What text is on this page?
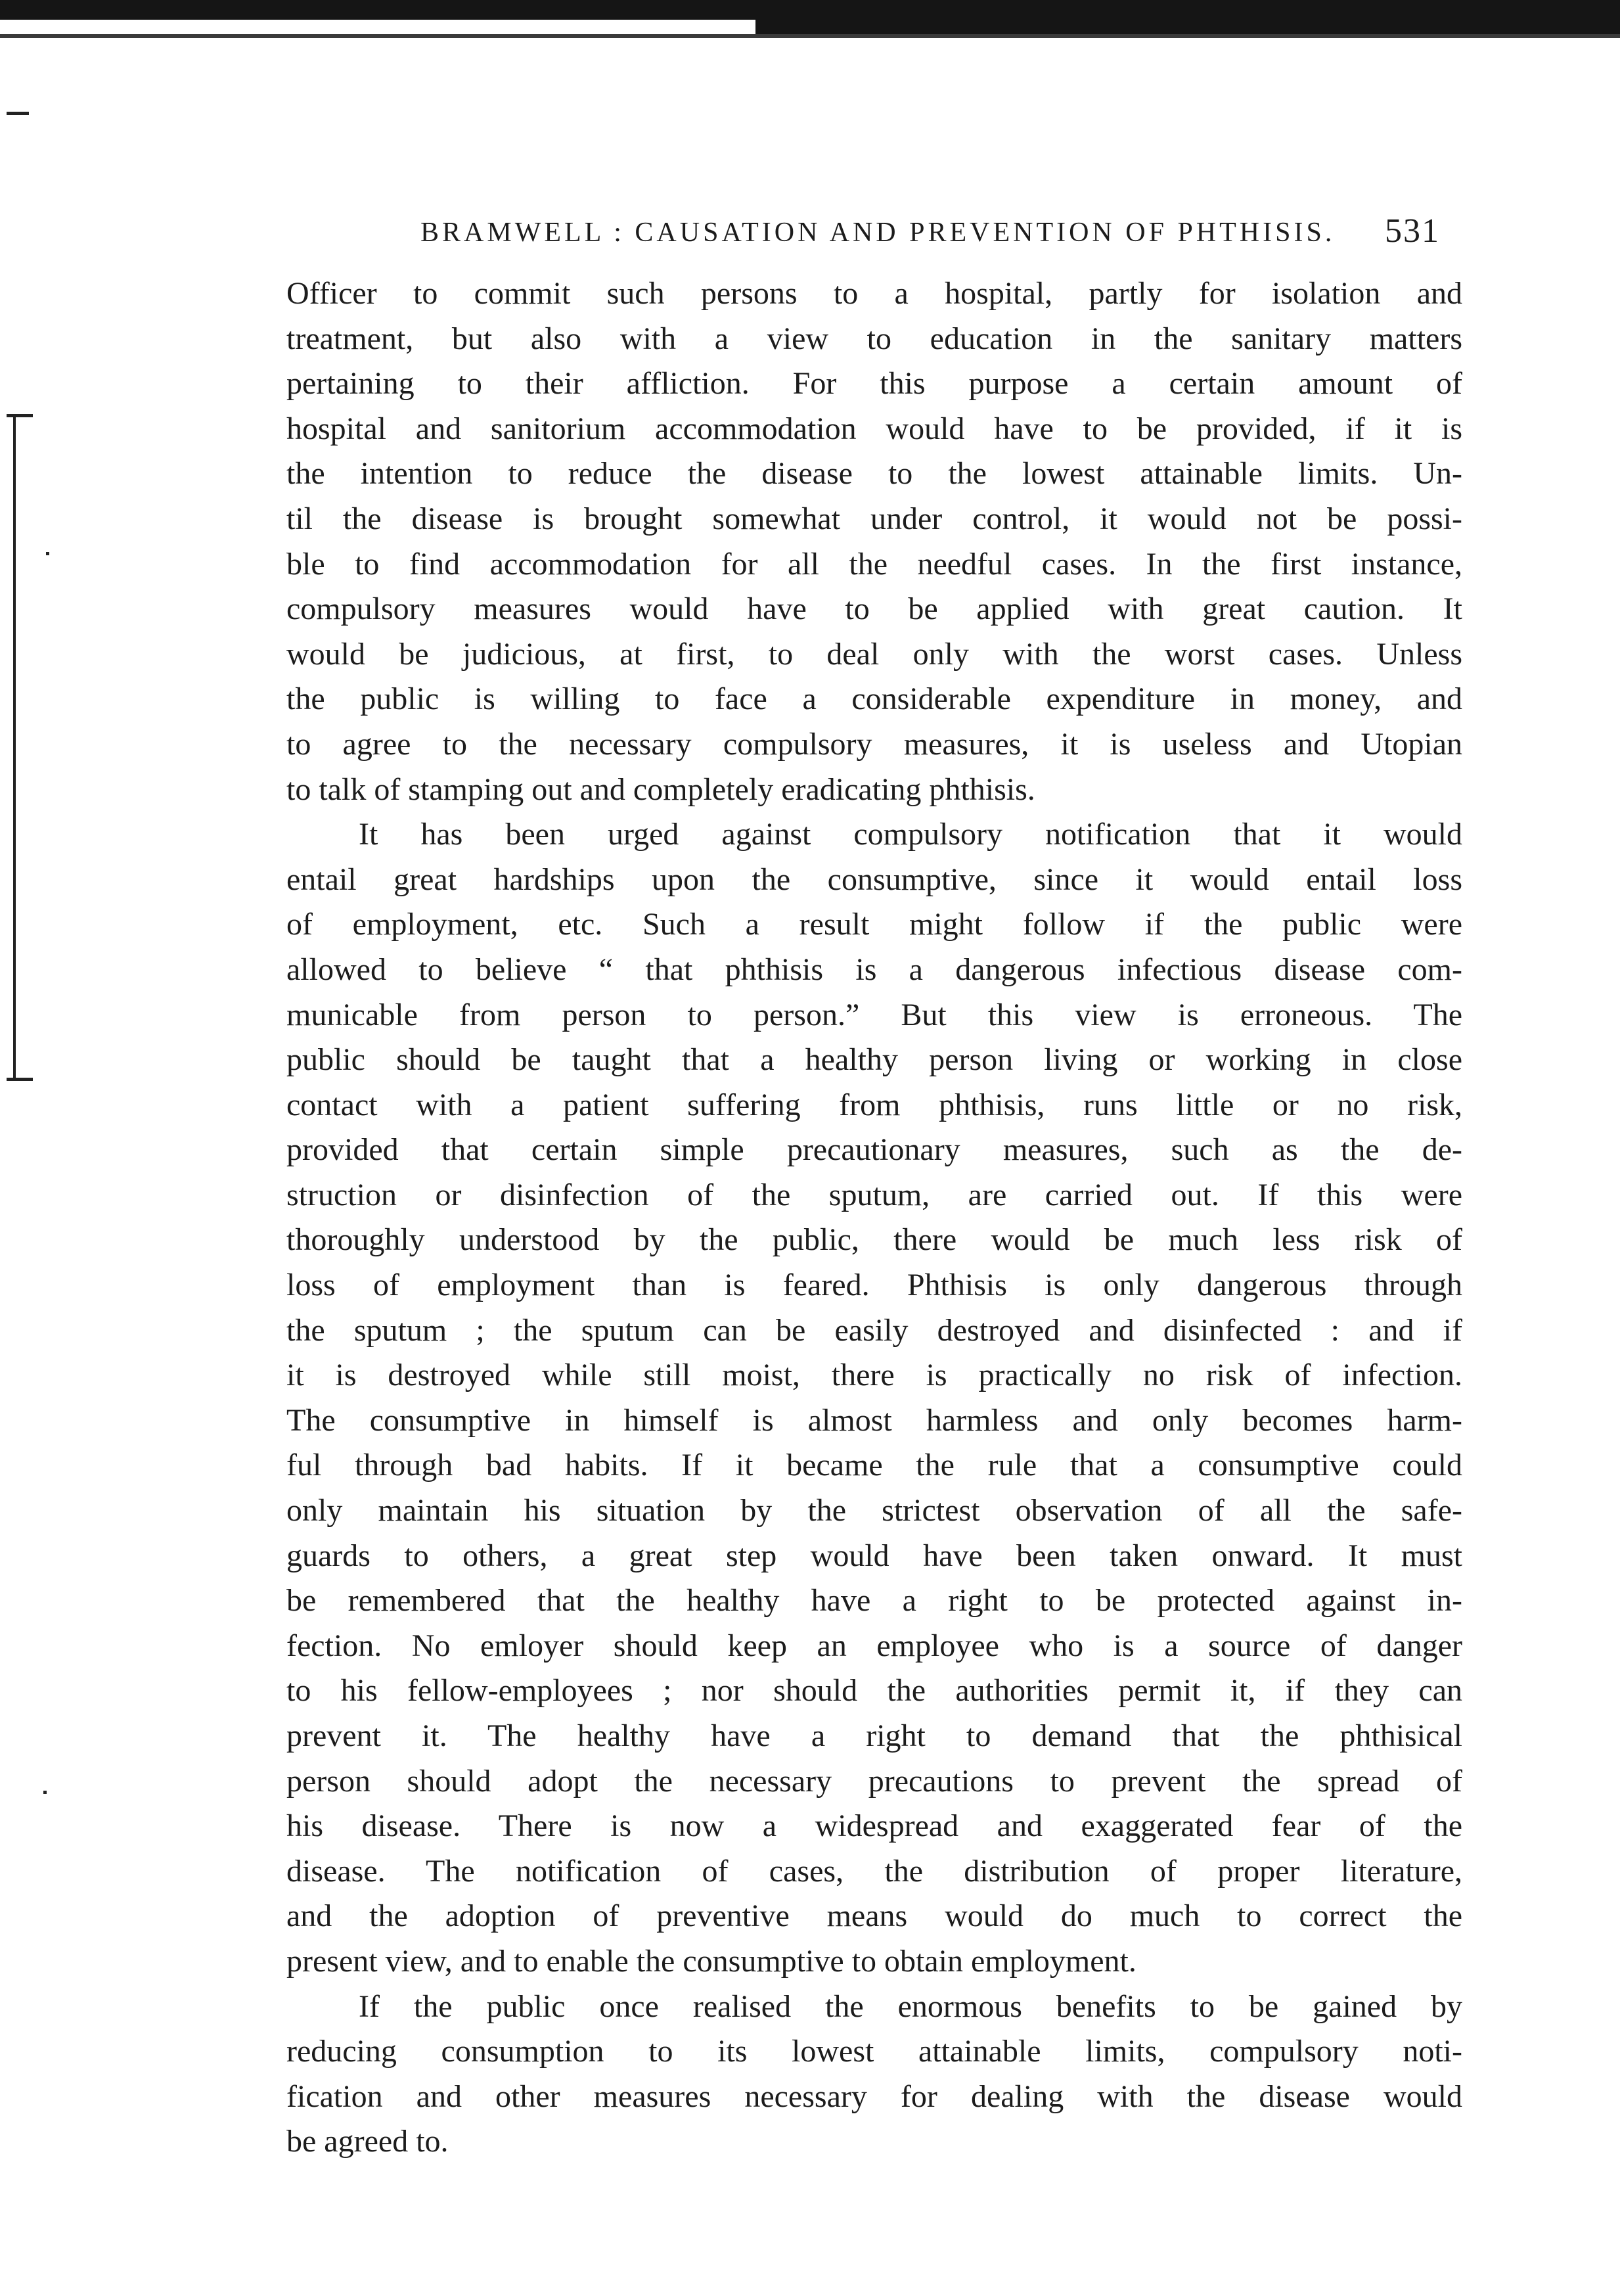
BRAMWELL : CAUSATION AND PREVENTION OF PHTHISIS.	531
Officer to commit such persons to a hospital, partly for isolation and
treatment, but also with a view to education in the sanitary matters
pertaining to their affliction. For this purpose a certain amount of
hospital and sanitorium accommodation would have to be provided, if it is
the intention to reduce the disease to the lowest attainable limits. Un-
til the disease is brought somewhat under control, it would not be possi-
ble to find accommodation for all the needful cases. In the first instance,
compulsory measures would have to be applied with great caution. It
would be judicious, at first, to deal only with the worst cases. Unless
the public is willing to face a considerable expenditure in money, and
to agree to the necessary compulsory measures, it is useless and Utopian
to talk of stamping out and completely eradicating phthisis.
It has been urged against compulsory notification that it would
entail great hardships upon the consumptive, since it would entail loss
of employment, etc. Such a result might follow if the public were
allowed to believe “ that phthisis is a dangerous infectious disease com-
municable from person to person.” But this view is erroneous. The
public should be taught that a healthy person living or working in close
contact with a patient suffering from phthisis, runs little or no risk,
provided that certain simple precautionary measures, such as the de-
struction or disinfection of the sputum, are carried out. If this were
thoroughly understood by the public, there would be much less risk of
loss of employment than is feared. Phthisis is only dangerous through
the sputum ; the sputum can be easily destroyed and disinfected : and if
it is destroyed while still moist, there is practically no risk of infection.
The consumptive in himself is almost harmless and only becomes harm-
ful through bad habits. If it became the rule that a consumptive could
only maintain his situation by the strictest observation of all the safe-
guards to others, a great step would have been taken onward. It must
be remembered that the healthy have a right to be protected against in-
fection. No emloyer should keep an employee who is a source of danger
to his fellow-employees ; nor should the authorities permit it, if they can
prevent it. The healthy have a right to demand that the phthisical
person should adopt the necessary precautions to prevent the spread of
his disease. There is now a widespread and exaggerated fear of the
disease. The notification of cases, the distribution of proper literature,
and the adoption of preventive means would do much to correct the
present view, and to enable the consumptive to obtain employment.
If the public once realised the enormous benefits to be gained by
reducing consumption to its lowest attainable limits, compulsory noti-
fication and other measures necessary for dealing with the disease would
be agreed to.
